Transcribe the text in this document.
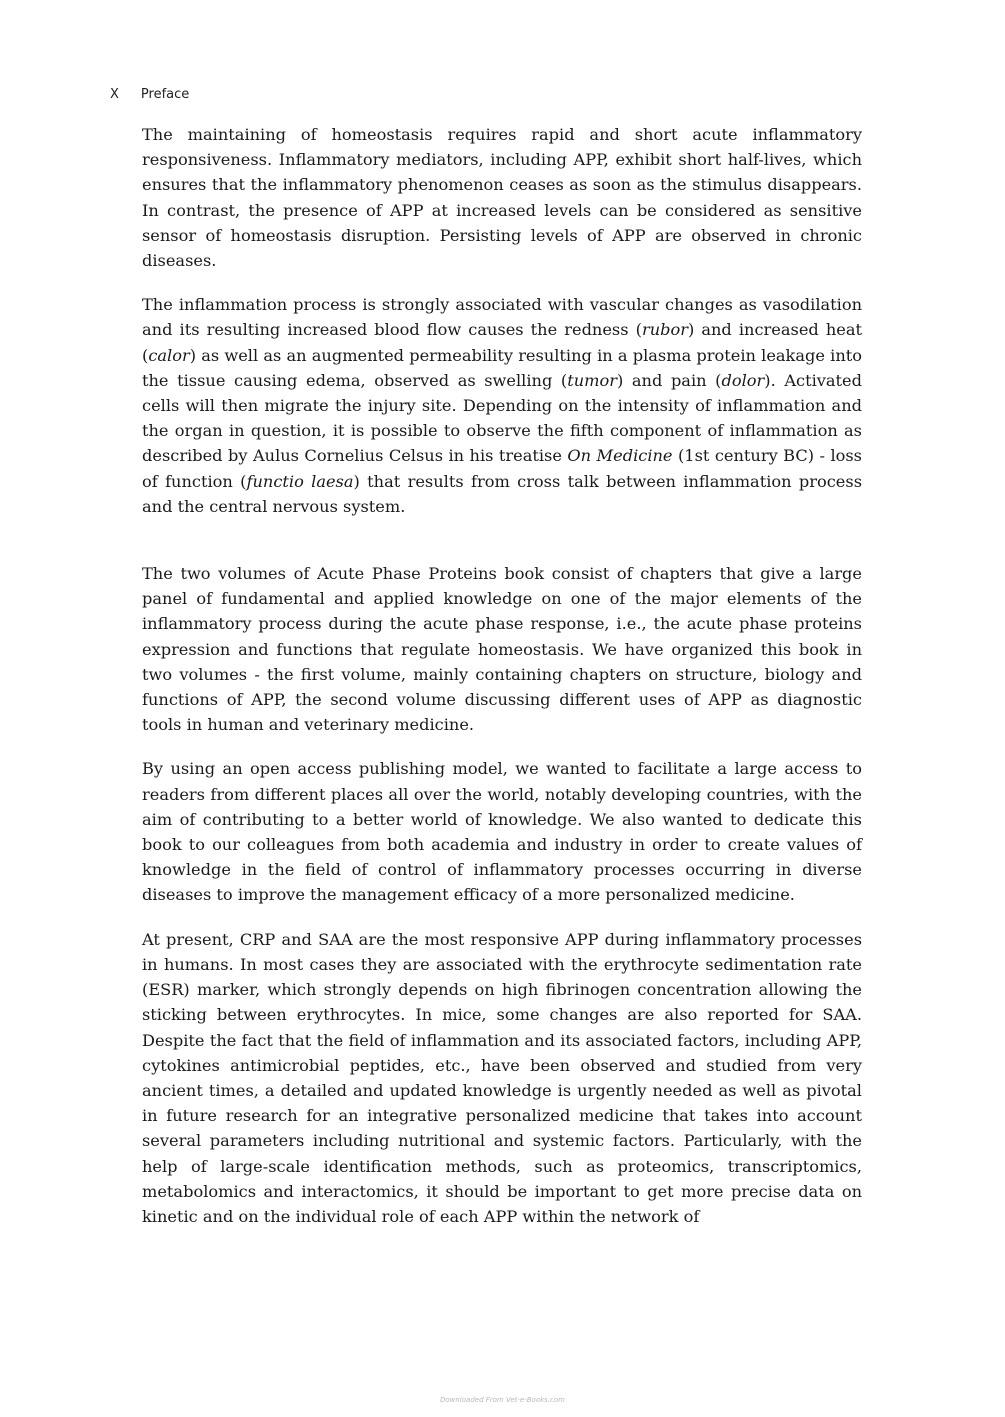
X Preface

The maintaining of homeostasis requires rapid and short acute inflammatory responsiveness. Inflammatory mediators, including APP, exhibit short half-lives, which ensures that the inflammatory phenomenon ceases as soon as the stimulus disappears. In contrast, the presence of APP at increased levels can be considered as sensitive sensor of homeostasis disruption. Persisting levels of APP are observed in chronic diseases.

The inflammation process is strongly associated with vascular changes as vasodilation and its resulting increased blood flow causes the redness (rubor) and increased heat (calor) as well as an augmented permeability resulting in a plasma protein leakage into the tissue causing edema, observed as swelling (tumor) and pain (dolor). Activated cells will then migrate the injury site. Depending on the intensity of inflammation and the organ in question, it is possible to observe the fifth component of inflammation as described by Aulus Cornelius Celsus in his treatise On Medicine (1st century BC) - loss of function (functio laesa) that results from cross talk between inflammation process and the central nervous system.

The two volumes of Acute Phase Proteins book consist of chapters that give a large panel of fundamental and applied knowledge on one of the major elements of the inflammatory process during the acute phase response, i.e., the acute phase proteins expression and functions that regulate homeostasis. We have organized this book in two volumes - the first volume, mainly containing chapters on structure, biology and functions of APP, the second volume discussing different uses of APP as diagnostic tools in human and veterinary medicine.

By using an open access publishing model, we wanted to facilitate a large access to readers from different places all over the world, notably developing countries, with the aim of contributing to a better world of knowledge. We also wanted to dedicate this book to our colleagues from both academia and industry in order to create values of knowledge in the field of control of inflammatory processes occurring in diverse diseases to improve the management efficacy of a more personalized medicine.

At present, CRP and SAA are the most responsive APP during inflammatory processes in humans. In most cases they are associated with the erythrocyte sedimentation rate (ESR) marker, which strongly depends on high fibrinogen concentration allowing the sticking between erythrocytes. In mice, some changes are also reported for SAA. Despite the fact that the field of inflammation and its associated factors, including APP, cytokines antimicrobial peptides, etc., have been observed and studied from very ancient times, a detailed and updated knowledge is urgently needed as well as pivotal in future research for an integrative personalized medicine that takes into account several parameters including nutritional and systemic factors. Particularly, with the help of large-scale identification methods, such as proteomics, transcriptomics, metabolomics and interactomics, it should be important to get more precise data on kinetic and on the individual role of each APP within the network of

Downloaded From Vet-e-Books.com
